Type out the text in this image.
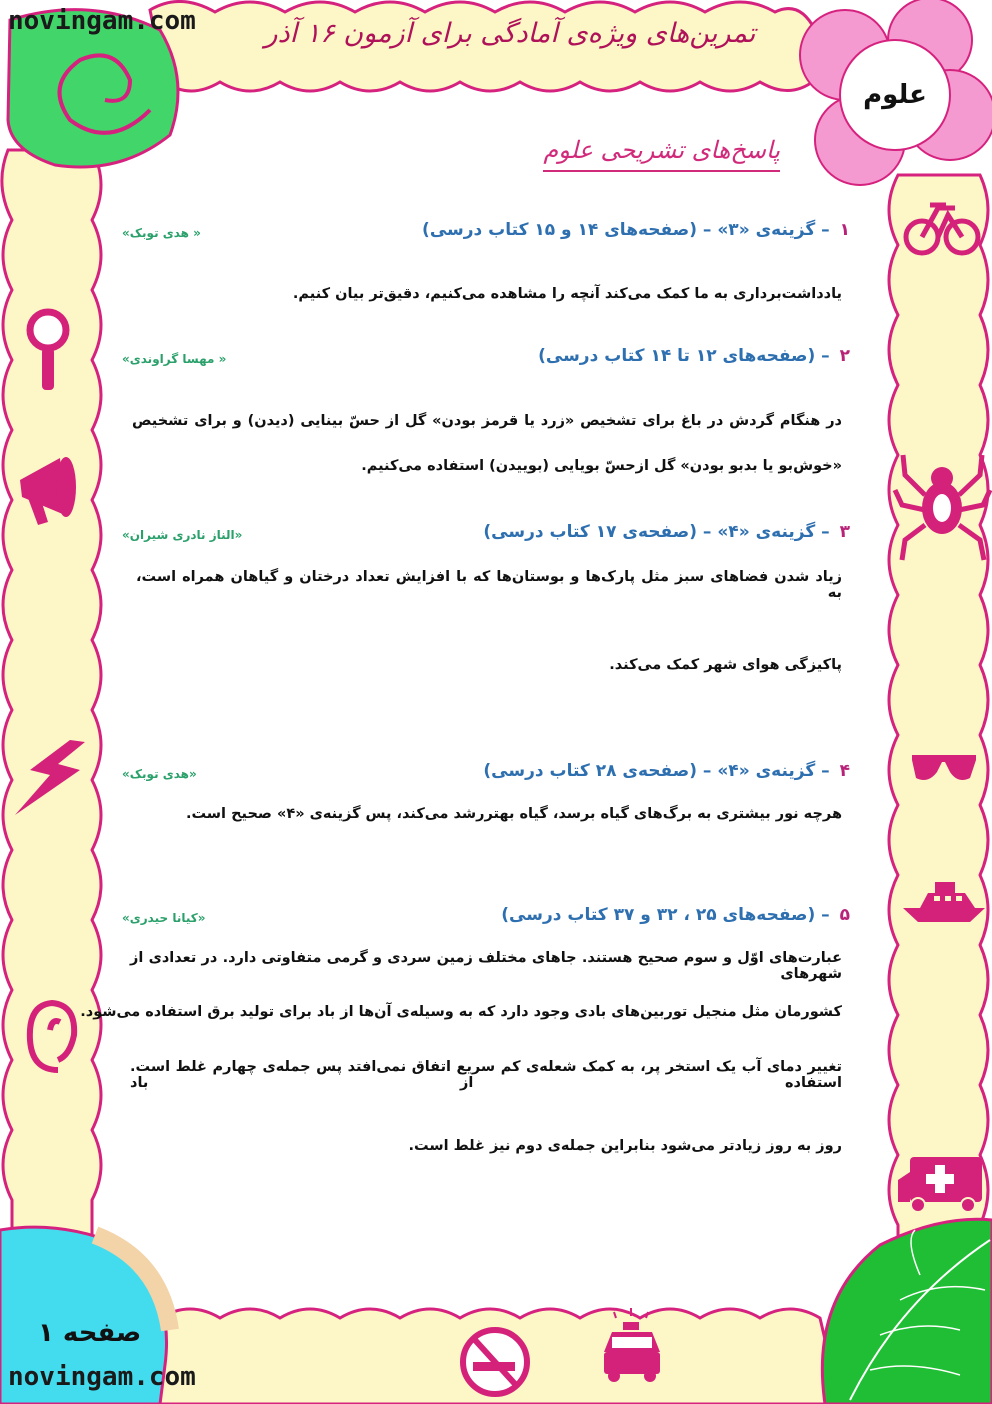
novingam.com
novingam.com
تمرین‌های ویژه‌ی آمادگی برای آزمون ۱۶ آذر
علوم
پاسخ‌های تشریحی علوم
صفحه ۱
۱ – گزینه‌ی «۳» – (صفحه‌های ۱۴ و ۱۵ کتاب درسی)
« هدی توبک»
یادداشت‌برداری به ما کمک می‌کند آنچه را مشاهده می‌کنیم، دقیق‌تر بیان کنیم.
۲ – (صفحه‌های ۱۲ تا ۱۴ کتاب درسی)
« مهسا گراوندی»
در هنگام گردش در باغ برای تشخیص «زرد یا قرمز بودن» گل از حسّ بینایی (دیدن) و برای تشخیص
«خوش‌بو یا بدبو بودن» گل ازحسّ بویایی (بوییدن) استفاده می‌کنیم.
۳ – گزینه‌ی «۴» – (صفحه‌ی ۱۷ کتاب درسی)
«الناز نادری شیران»
زیاد شدن فضاهای سبز مثل پارک‌ها و بوستان‌ها که با افزایش تعداد درختان و گیاهان همراه است، به
پاکیزگی هوای شهر کمک می‌کند.
۴ – گزینه‌ی «۴» – (صفحه‌ی ۲۸ کتاب درسی)
«هدی توبک»
هرچه نور بیشتری به برگ‌های گیاه برسد، گیاه بهتررشد می‌کند، پس گزینه‌ی «۴» صحیح است.
۵ – (صفحه‌های ۲۵ ، ۳۲ و ۳۷ کتاب درسی)
«کیانا حیدری»
عبارت‌های اوّل و سوم صحیح هستند. جاهای مختلف زمین سردی و گرمی متفاوتی دارد. در تعدادی از شهرهای
کشورمان مثل منجیل توربین‌های بادی وجود دارد که به وسیله‌ی آن‌ها از باد برای تولید برق استفاده می‌شود.
تغییر دمای آب یک استخر پر، به کمک شعله‌ی کم سریع اتفاق نمی‌افتد پس جمله‌ی چهارم غلط است. استفاده از باد
روز به روز زیادتر می‌شود بنابراین جمله‌ی دوم نیز غلط است.
